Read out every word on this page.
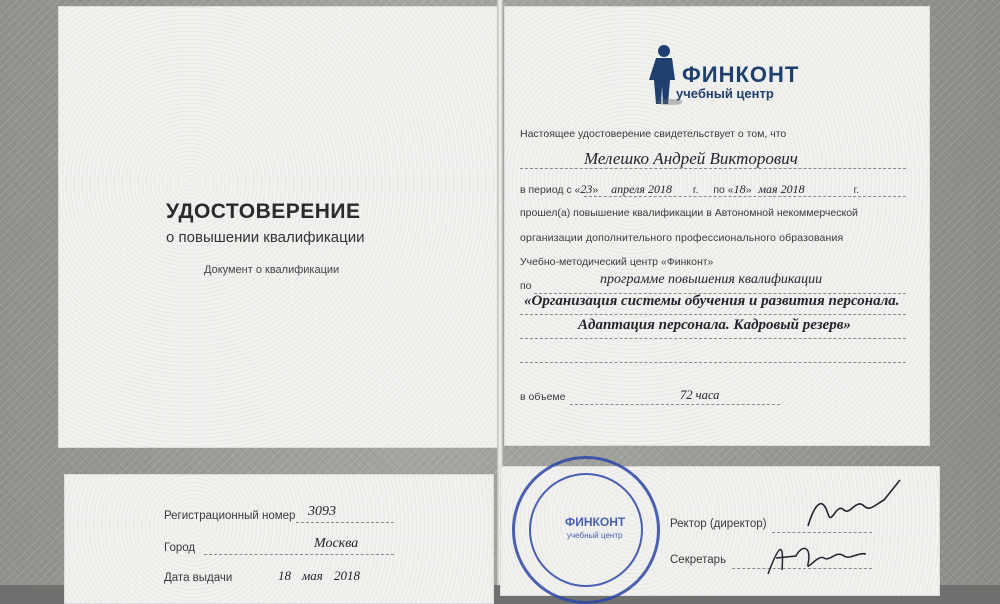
УДОСТОВЕРЕНИЕ
о повышении квалификации
Документ о квалификации
ФИНКОНТ
учебный центр
Настоящее удостоверение свидетельствует о том, что
Мелешко Андрей Викторович
в период с «23» апреля 2018 г. по «18» мая 2018	г.
прошел(а) повышение квалификации в Автономной некоммерческой
организации дополнительного профессионального образования
Учебно-методический центр «Финконт»
по	программе повышения квалификации
«Организация системы обучения и развития персонала.
Адаптация персонала. Кадровый резерв»
в объеме	72 часа
Регистрационный номер 3093
Город	Москва
Дата выдачи	18 мая 2018
Ректор (директор)
Секретарь
ФИНКОНТ
учебный центр
